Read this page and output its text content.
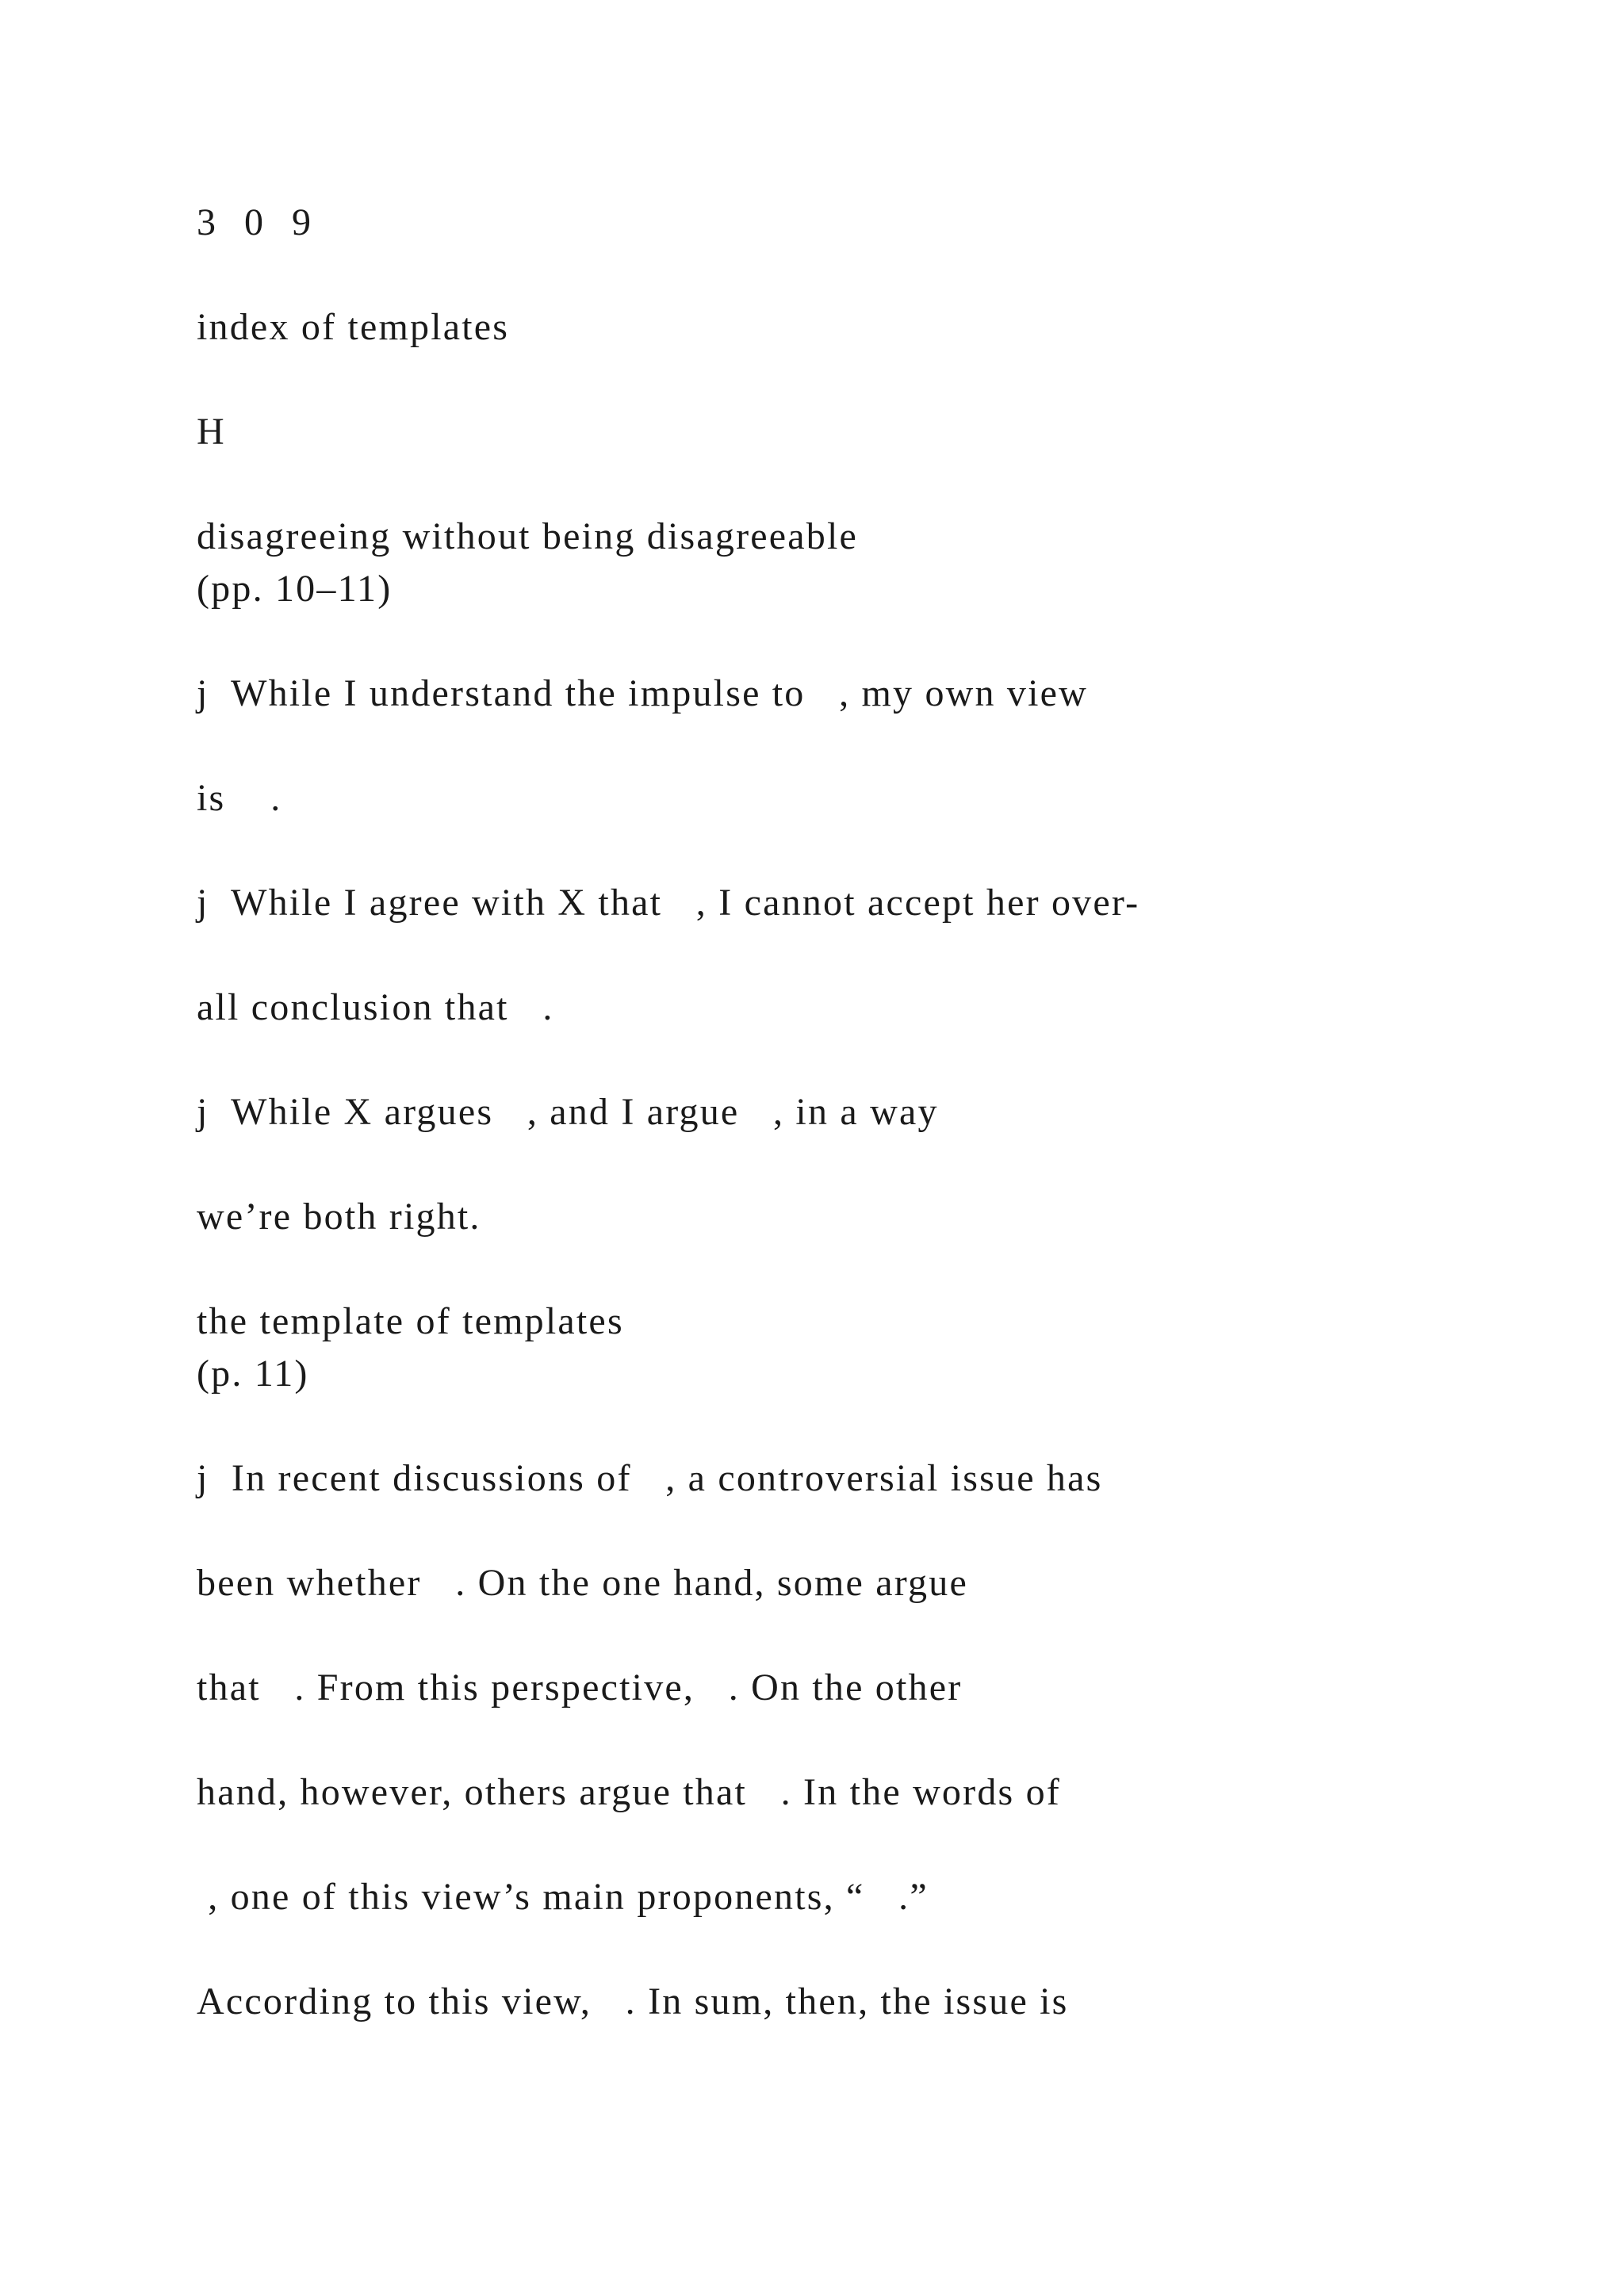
3 0 9
index of templates
H
disagreeing without being disagreeable
(pp. 10–11)
j  While I understand the impulse to   , my own view
is    .
j  While I agree with X that   , I cannot accept her over-
all conclusion that   .
j  While X argues   , and I argue   , in a way
we’re both right.
the template of templates
(p. 11)
j  In recent discussions of   , a controversial issue has
been whether   . On the one hand, some argue
that   . From this perspective,   . On the other
hand, however, others argue that   . In the words of
, one of this view’s main proponents, “   .”
According to this view,   . In sum, then, the issue is
